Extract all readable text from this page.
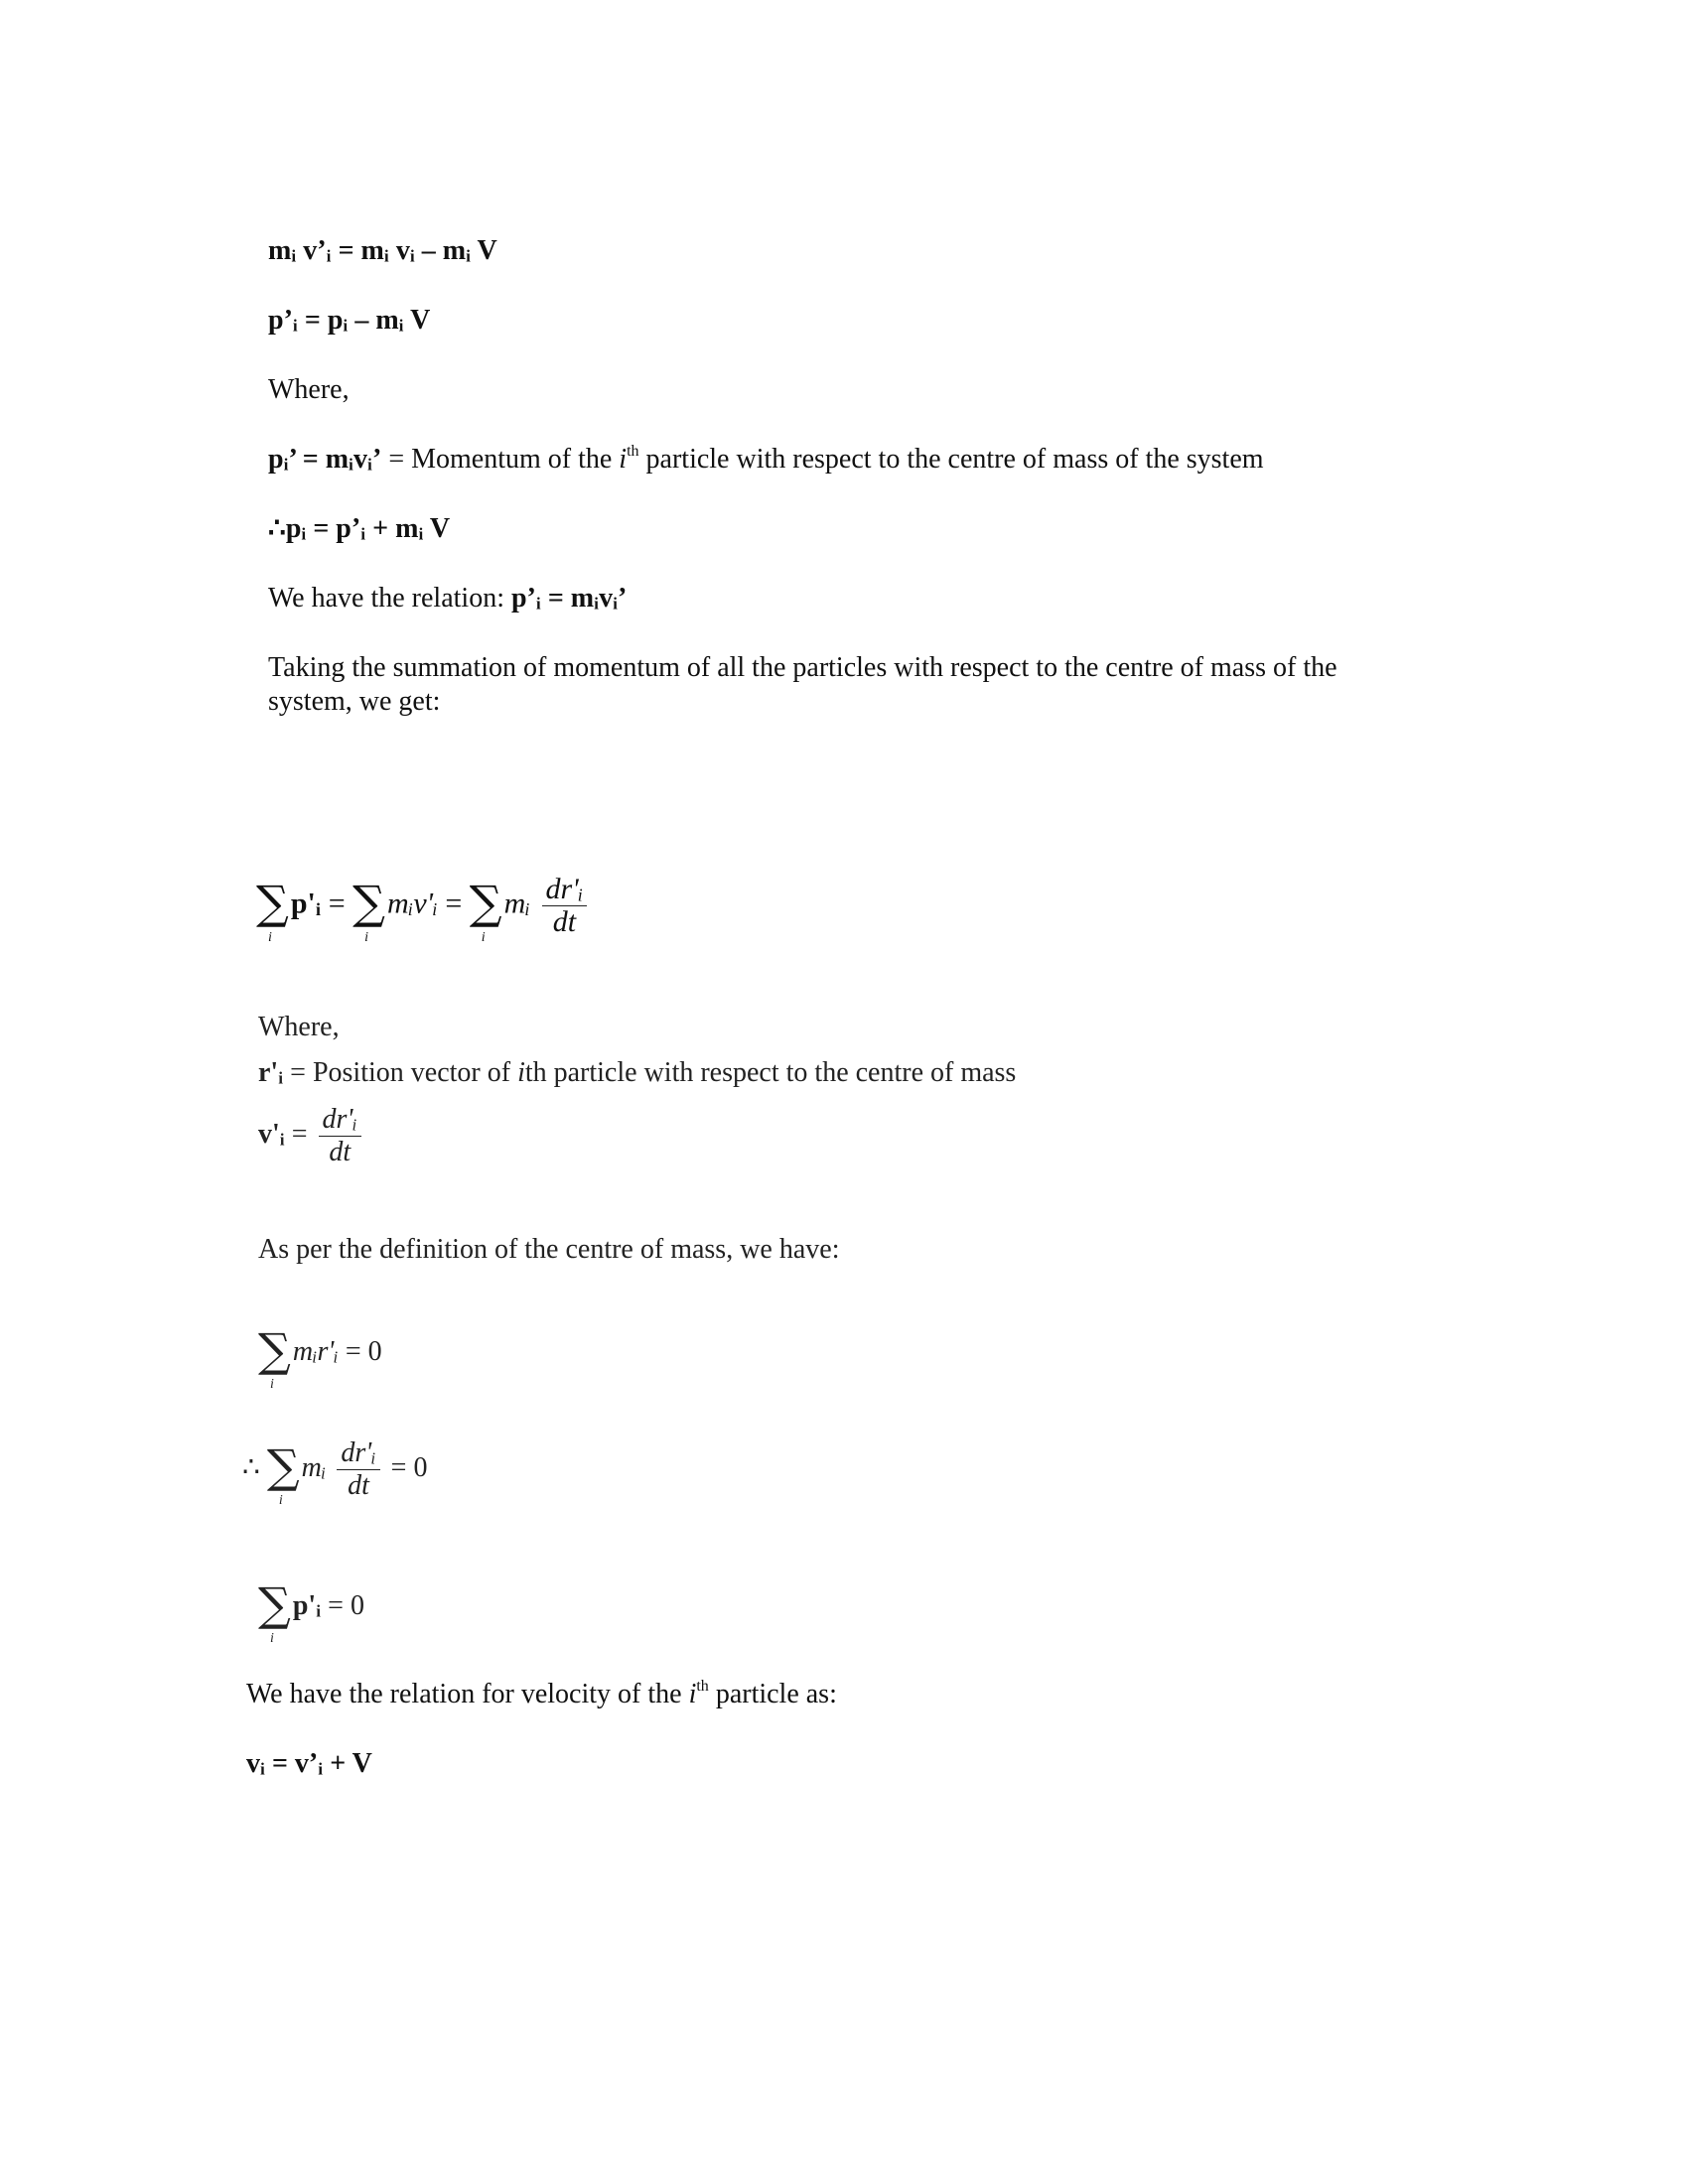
mᵢ v’ᵢ = mᵢ vᵢ – mᵢ V
p’ᵢ = pᵢ – mᵢ V
Where,
pᵢ’ = mᵢvᵢ’ = Momentum of the $i^{th}$ particle with respect to the centre of mass of the system
∴pᵢ = p’ᵢ + mᵢ V
We have the relation: p’ᵢ = mᵢvᵢ’
Taking the summation of momentum of all the particles with respect to the centre of mass of the system, we get:
∑
i
p'ᵢ = ∑
i
mᵢv'ᵢ = ∑
i
mᵢ $\frac{\text{dr'ᵢ}}{dt}$
Where,
r'ᵢ = Position vector of ith particle with respect to the centre of mass
v'ᵢ = $\frac{\text{dr'ᵢ}}{dt}$
As per the definition of the centre of mass, we have:
∑
i
mᵢr'ᵢ = 0
∴ ∑
i
mᵢ $\frac{\text{dr'ᵢ}}{dt} = 0$
∑
i
p'ᵢ = 0
We have the relation for velocity of the $i^{th}$ particle as:
vᵢ = v’ᵢ + V
